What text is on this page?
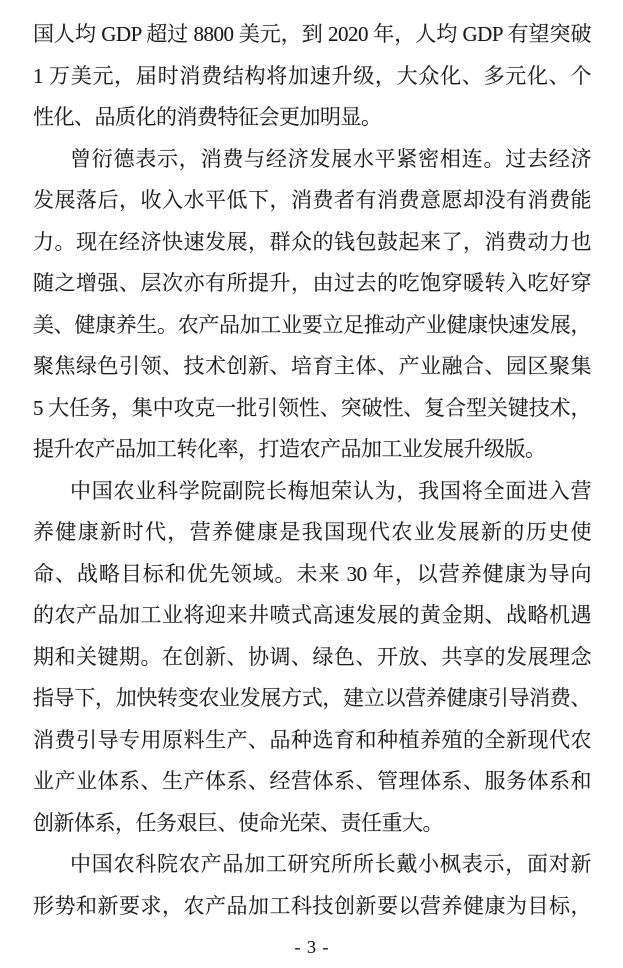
国人均 GDP 超过 8800 美元，到 2020 年，人均 GDP 有望突破
1 万美元，届时消费结构将加速升级，大众化、多元化、个
性化、品质化的消费特征会更加明显。
曾衍德表示，消费与经济发展水平紧密相连。过去经济
发展落后，收入水平低下，消费者有消费意愿却没有消费能
力。现在经济快速发展，群众的钱包鼓起来了，消费动力也
随之增强、层次亦有所提升，由过去的吃饱穿暖转入吃好穿
美、健康养生。农产品加工业要立足推动产业健康快速发展，
聚焦绿色引领、技术创新、培育主体、产业融合、园区聚集
5 大任务，集中攻克一批引领性、突破性、复合型关键技术，
提升农产品加工转化率，打造农产品加工业发展升级版。
中国农业科学院副院长梅旭荣认为，我国将全面进入营
养健康新时代，营养健康是我国现代农业发展新的历史使
命、战略目标和优先领域。未来 30 年，以营养健康为导向
的农产品加工业将迎来井喷式高速发展的黄金期、战略机遇
期和关键期。在创新、协调、绿色、开放、共享的发展理念
指导下，加快转变农业发展方式，建立以营养健康引导消费、
消费引导专用原料生产、品种选育和种植养殖的全新现代农
业产业体系、生产体系、经营体系、管理体系、服务体系和
创新体系，任务艰巨、使命光荣、责任重大。
中国农科院农产品加工研究所所长戴小枫表示，面对新
形势和新要求，农产品加工科技创新要以营养健康为目标，
- 3 -
